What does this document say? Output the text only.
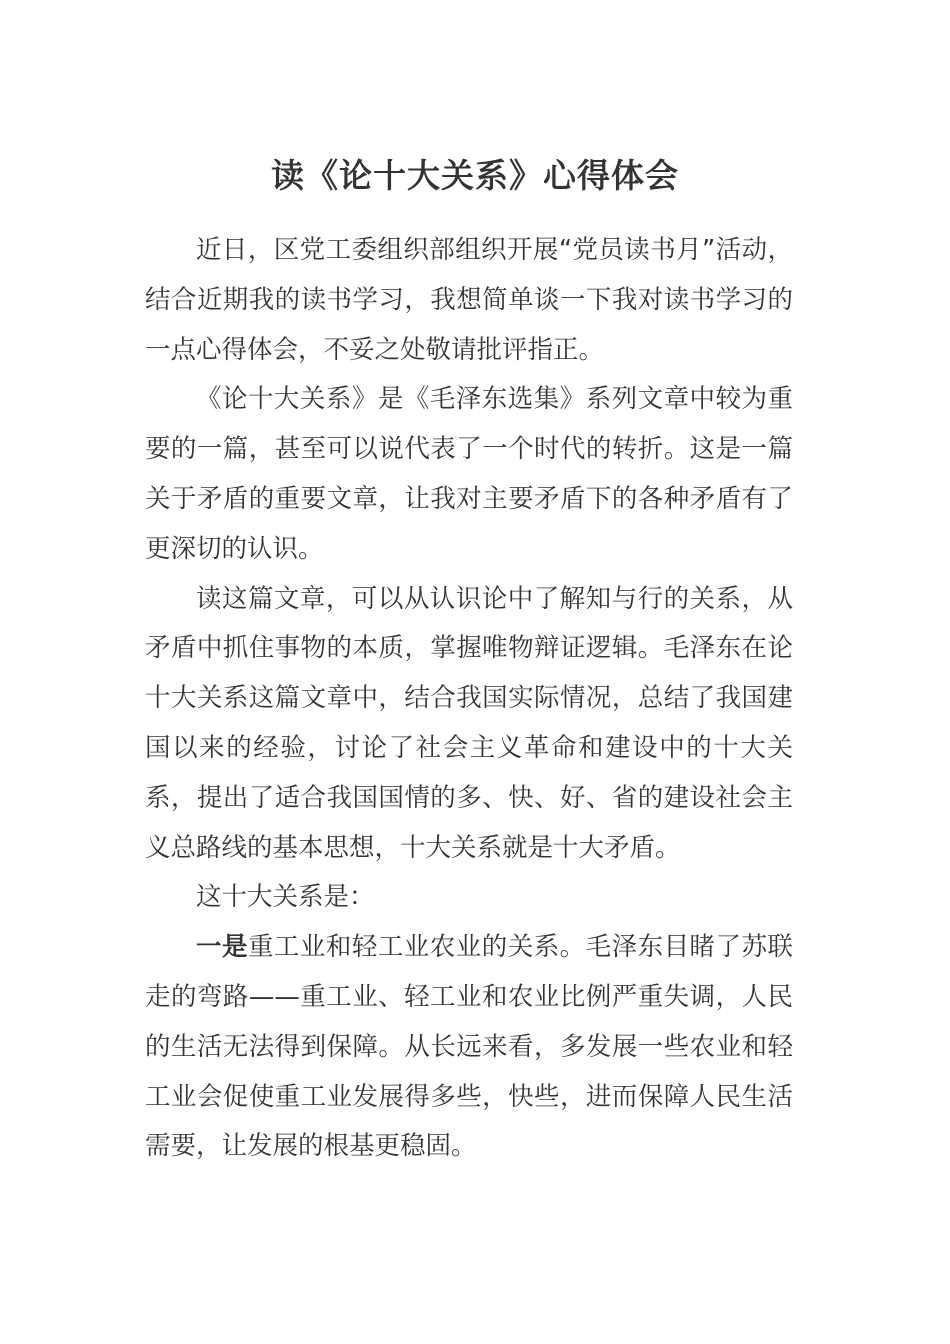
读《论十大关系》心得体会

近日，区党工委组织部组织开展“党员读书月”活动，结合近期我的读书学习，我想简单谈一下我对读书学习的一点心得体会，不妥之处敬请批评指正。

《论十大关系》是《毛泽东选集》系列文章中较为重要的一篇，甚至可以说代表了一个时代的转折。这是一篇关于矛盾的重要文章，让我对主要矛盾下的各种矛盾有了更深切的认识。

读这篇文章，可以从认识论中了解知与行的关系，从矛盾中抓住事物的本质，掌握唯物辩证逻辑。毛泽东在论十大关系这篇文章中，结合我国实际情况，总结了我国建国以来的经验，讨论了社会主义革命和建设中的十大关系，提出了适合我国国情的多、快、好、省的建设社会主义总路线的基本思想，十大关系就是十大矛盾。

这十大关系是：

一是重工业和轻工业农业的关系。毛泽东目睹了苏联走的弯路——重工业、轻工业和农业比例严重失调，人民的生活无法得到保障。从长远来看，多发展一些农业和轻工业会促使重工业发展得多些，快些，进而保障人民生活需要，让发展的根基更稳固。
